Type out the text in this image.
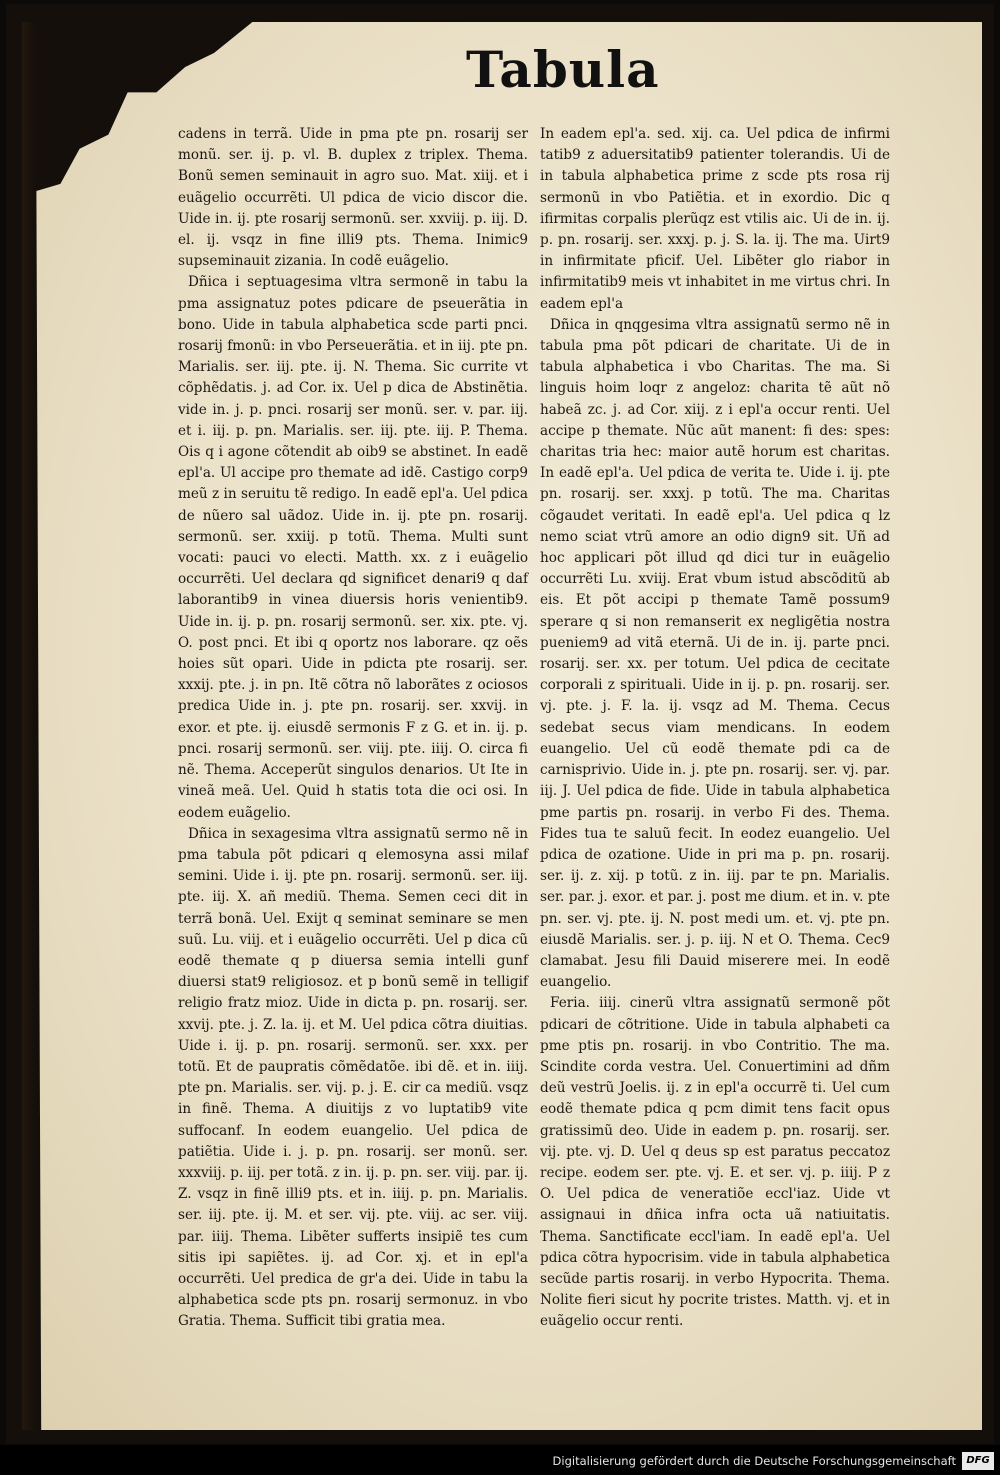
Tabula

cadens in terrã. Uide in pma pte pn. rosarij ser monũ. ser. ij. p. vl. B. duplex z triplex. Thema. Bonũ semen seminauit in agro suo. Mat. xiij. et i euãgelio occurrẽti. Ul pdica de vicio discor die. Uide in. ij. pte rosarij sermonũ. ser. xxviij. p. iij. D. el. ij. vsqz in fine illi9 pts. Thema. Inimic9 supseminauit zizania. In codẽ euãgelio.

Dñica i septuagesima vltra sermonẽ in tabu la pma assignatuz potes pdicare de pseuerãtia in bono. Uide in tabula alphabetica scde parti pnci. rosarij fmonũ: in vbo Perseuerãtia. et in iij. pte pn. Marialis. ser. iij. pte. ij. N. Thema. Sic currite vt cõphẽdatis. j. ad Cor. ix. Uel p dica de Abstinẽtia. vide in. j. p. pnci. rosarij ser monũ. ser. v. par. iij. et i. iij. p. pn. Marialis. ser. iij. pte. iij. P. Thema. Ois q i agone cõtendit ab oib9 se abstinet. In eadẽ epl'a. Ul accipe pro themate ad idẽ. Castigo corp9 meũ z in seruitu tẽ redigo. In eadẽ epl'a. Uel pdica de nũero sal uãdoz. Uide in. ij. pte pn. rosarij. sermonũ. ser. xxiij. p totũ. Thema. Multi sunt vocati: pauci vo electi. Matth. xx. z i euãgelio occurrẽti. Uel declara qd significet denari9 q daf laborantib9 in vinea diuersis horis venientib9. Uide in. ij. p. pn. rosarij sermonũ. ser. xix. pte. vj. O. post pnci. Et ibi q oportz nos laborare. qz oẽs hoies sũt opari. Uide in pdicta pte rosarij. ser. xxxij. pte. j. in pn. Itẽ cõtra nõ laborãtes z ociosos predica Uide in. j. pte pn. rosarij. ser. xxvij. in exor. et pte. ij. eiusdẽ sermonis F z G. et in. ij. p. pnci. rosarij sermonũ. ser. viij. pte. iiij. O. circa fi nẽ. Thema. Acceperũt singulos denarios. Ut Ite in vineã meã. Uel. Quid h statis tota die oci osi. In eodem euãgelio.

Dñica in sexagesima vltra assignatũ sermo nẽ in pma tabula põt pdicari q elemosyna assi milaf semini. Uide i. ij. pte pn. rosarij. sermonũ. ser. iij. pte. iij. X. añ mediũ. Thema. Semen ceci dit in terrã bonã. Uel. Exijt q seminat seminare se men suũ. Lu. viij. et i euãgelio occurrẽti. Uel p dica cũ eodẽ themate q p diuersa semia intelli gunf diuersi stat9 religiosoz. et p bonũ semẽ in telligif religio fratz mioz. Uide in dicta p. pn. rosarij. ser. xxvij. pte. j. Z. la. ij. et M. Uel pdica cõtra diuitias. Uide i. ij. p. pn. rosarij. sermonũ. ser. xxx. per totũ. Et de paupratis cõmẽdatõe. ibi dẽ. et in. iiij. pte pn. Marialis. ser. vij. p. j. E. cir ca mediũ. vsqz in finẽ. Thema. A diuitijs z vo luptatib9 vite suffocanf. In eodem euangelio. Uel pdica de patiẽtia. Uide i. j. p. pn. rosarij. ser monũ. ser. xxxviij. p. iij. per totã. z in. ij. p. pn. ser. viij. par. ij. Z. vsqz in finẽ illi9 pts. et in. iiij. p. pn. Marialis. ser. iij. pte. ij. M. et ser. vij. pte. viij. ac ser. viij. par. iiij. Thema. Libẽter sufferts insipiẽ tes cum sitis ipi sapiẽtes. ij. ad Cor. xj. et in epl'a occurrẽti. Uel predica de gr'a dei. Uide in tabu la alphabetica scde pts pn. rosarij sermonuz. in vbo Gratia. Thema. Sufficit tibi gratia mea.

In eadem epl'a. sed. xij. ca. Uel pdica de infirmi tatib9 z aduersitatib9 patienter tolerandis. Ui de in tabula alphabetica prime z scde pts rosa rij sermonũ in vbo Patiẽtia. et in exordio. Dic q ifirmitas corpalis plerũqz est vtilis aic. Ui de in. ij. p. pn. rosarij. ser. xxxj. p. j. S. la. ij. The ma. Uirt9 in infirmitate pficif. Uel. Libẽter glo riabor in infirmitatib9 meis vt inhabitet in me virtus chri. In eadem epl'a

Dñica in qnqgesima vltra assignatũ sermo nẽ in tabula pma põt pdicari de charitate. Ui de in tabula alphabetica i vbo Charitas. The ma. Si linguis hoim loqr z angeloz: charita tẽ aũt nõ habeã zc. j. ad Cor. xiij. z i epl'a occur renti. Uel accipe p themate. Nũc aũt manent: fi des: spes: charitas tria hec: maior autẽ horum est charitas. In eadẽ epl'a. Uel pdica de verita te. Uide i. ij. pte pn. rosarij. ser. xxxj. p totũ. The ma. Charitas cõgaudet veritati. In eadẽ epl'a. Uel pdica q lz nemo sciat vtrũ amore an odio dign9 sit. Uñ ad hoc applicari põt illud qd dici tur in euãgelio occurrẽti Lu. xviij. Erat vbum istud abscõditũ ab eis. Et põt accipi p themate Tamẽ possum9 sperare q si non remanserit ex negligẽtia nostra pueniem9 ad vitã eternã. Ui de in. ij. parte pnci. rosarij. ser. xx. per totum. Uel pdica de cecitate corporali z spirituali. Uide in ij. p. pn. rosarij. ser. vj. pte. j. F. la. ij. vsqz ad M. Thema. Cecus sedebat secus viam mendicans. In eodem euangelio. Uel cũ eodẽ themate pdi ca de carnisprivio. Uide in. j. pte pn. rosarij. ser. vj. par. iij. J. Uel pdica de fide. Uide in tabula alphabetica pme partis pn. rosarij. in verbo Fi des. Thema. Fides tua te saluũ fecit. In eodez euangelio. Uel pdica de ozatione. Uide in pri ma p. pn. rosarij. ser. ij. z. xij. p totũ. z in. iij. par te pn. Marialis. ser. par. j. exor. et par. j. post me dium. et in. v. pte pn. ser. vj. pte. ij. N. post medi um. et. vj. pte pn. eiusdẽ Marialis. ser. j. p. iij. N et O. Thema. Cec9 clamabat. Jesu fili Dauid miserere mei. In eodẽ euangelio.

Feria. iiij. cinerũ vltra assignatũ sermonẽ põt pdicari de cõtritione. Uide in tabula alphabeti ca pme ptis pn. rosarij. in vbo Contritio. The ma. Scindite corda vestra. Uel. Conuertimini ad dñm deũ vestrũ Joelis. ij. z in epl'a occurrẽ ti. Uel cum eodẽ themate pdica q pcm dimit tens facit opus gratissimũ deo. Uide in eadem p. pn. rosarij. ser. vij. pte. vj. D. Uel q deus sp est paratus peccatoz recipe. eodem ser. pte. vj. E. et ser. vj. p. iiij. P z O. Uel pdica de veneratiõe eccl'iaz. Uide vt assignaui in dñica infra octa uã natiuitatis. Thema. Sanctificate eccl'iam. In eadẽ epl'a. Uel pdica cõtra hypocrisim. vide in tabula alphabetica secũde partis rosarij. in verbo Hypocrita. Thema. Nolite fieri sicut hy pocrite tristes. Matth. vj. et in euãgelio occur renti.

Digitalisierung gefördert durch die Deutsche Forschungsgemeinschaft	DFG
